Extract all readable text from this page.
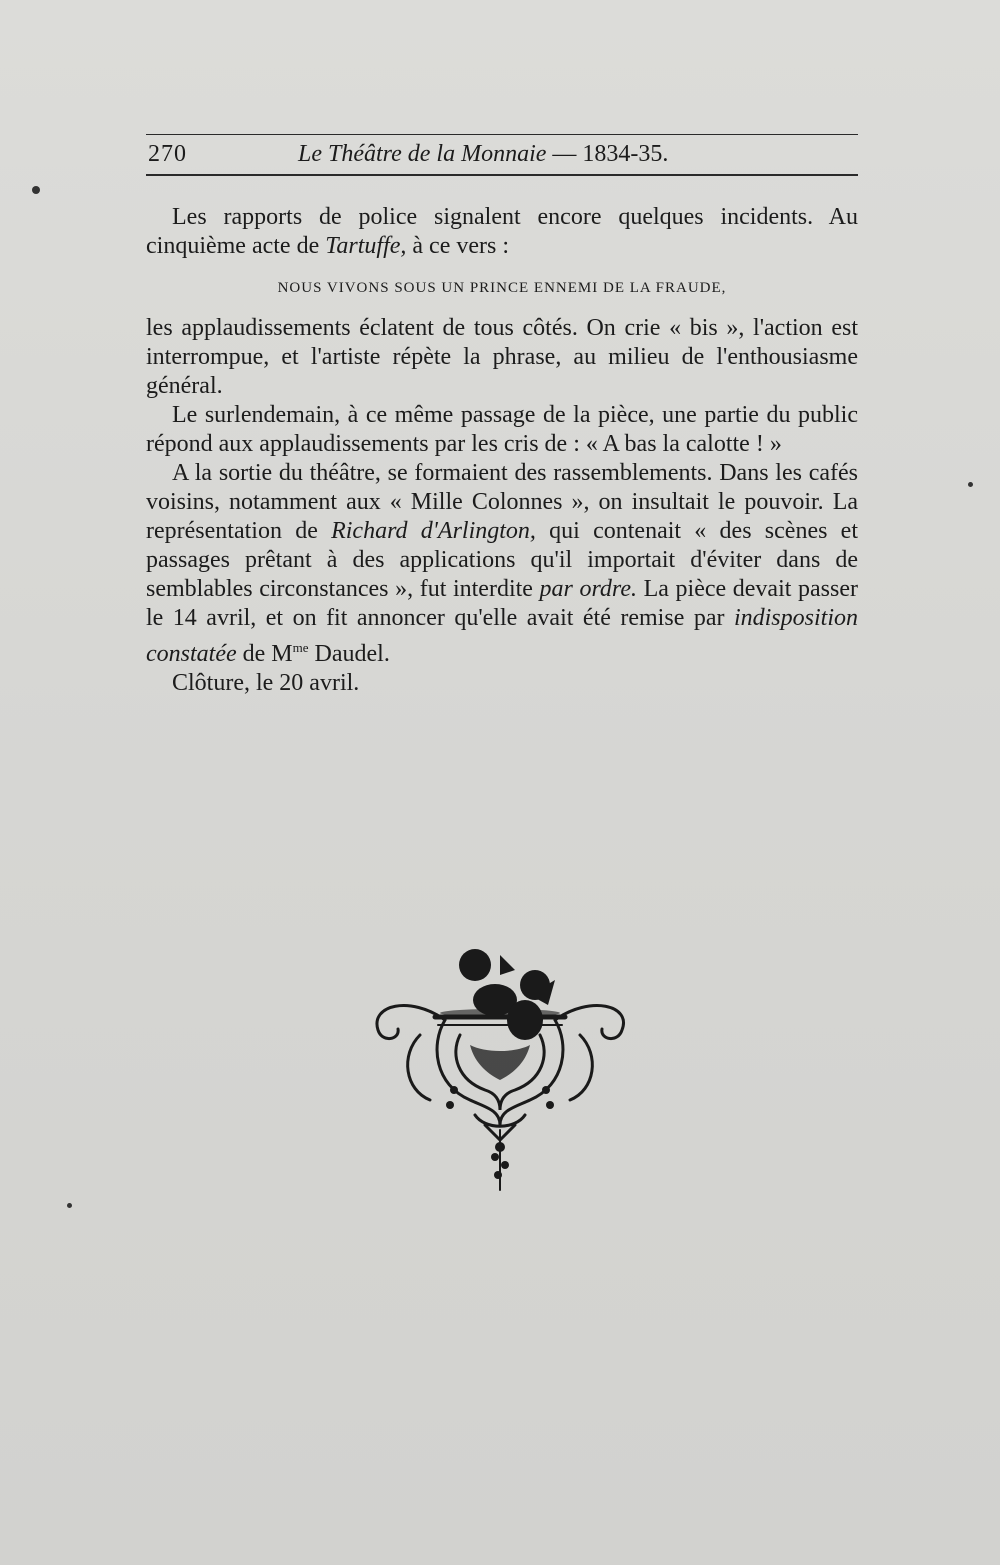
270	Le Théâtre de la Monnaie — 1834-35.

Les rapports de police signalent encore quelques incidents. Au cinquième acte de Tartuffe, à ce vers :

NOUS VIVONS SOUS UN PRINCE ENNEMI DE LA FRAUDE,

les applaudissements éclatent de tous côtés. On crie « bis », l'action est interrompue, et l'artiste répète la phrase, au milieu de l'enthousiasme général.

Le surlendemain, à ce même passage de la pièce, une partie du public répond aux applaudissements par les cris de : « A bas la calotte ! »

A la sortie du théâtre, se formaient des rassemblements. Dans les cafés voisins, notamment aux « Mille Colonnes », on insultait le pouvoir. La représentation de Richard d'Arlington, qui contenait « des scènes et passages prêtant à des applications qu'il importait d'éviter dans de semblables circonstances », fut interdite par ordre. La pièce devait passer le 14 avril, et on fit annoncer qu'elle avait été remise par indisposition constatée de $M^{me}$ Daudel.

Clôture, le 20 avril.
